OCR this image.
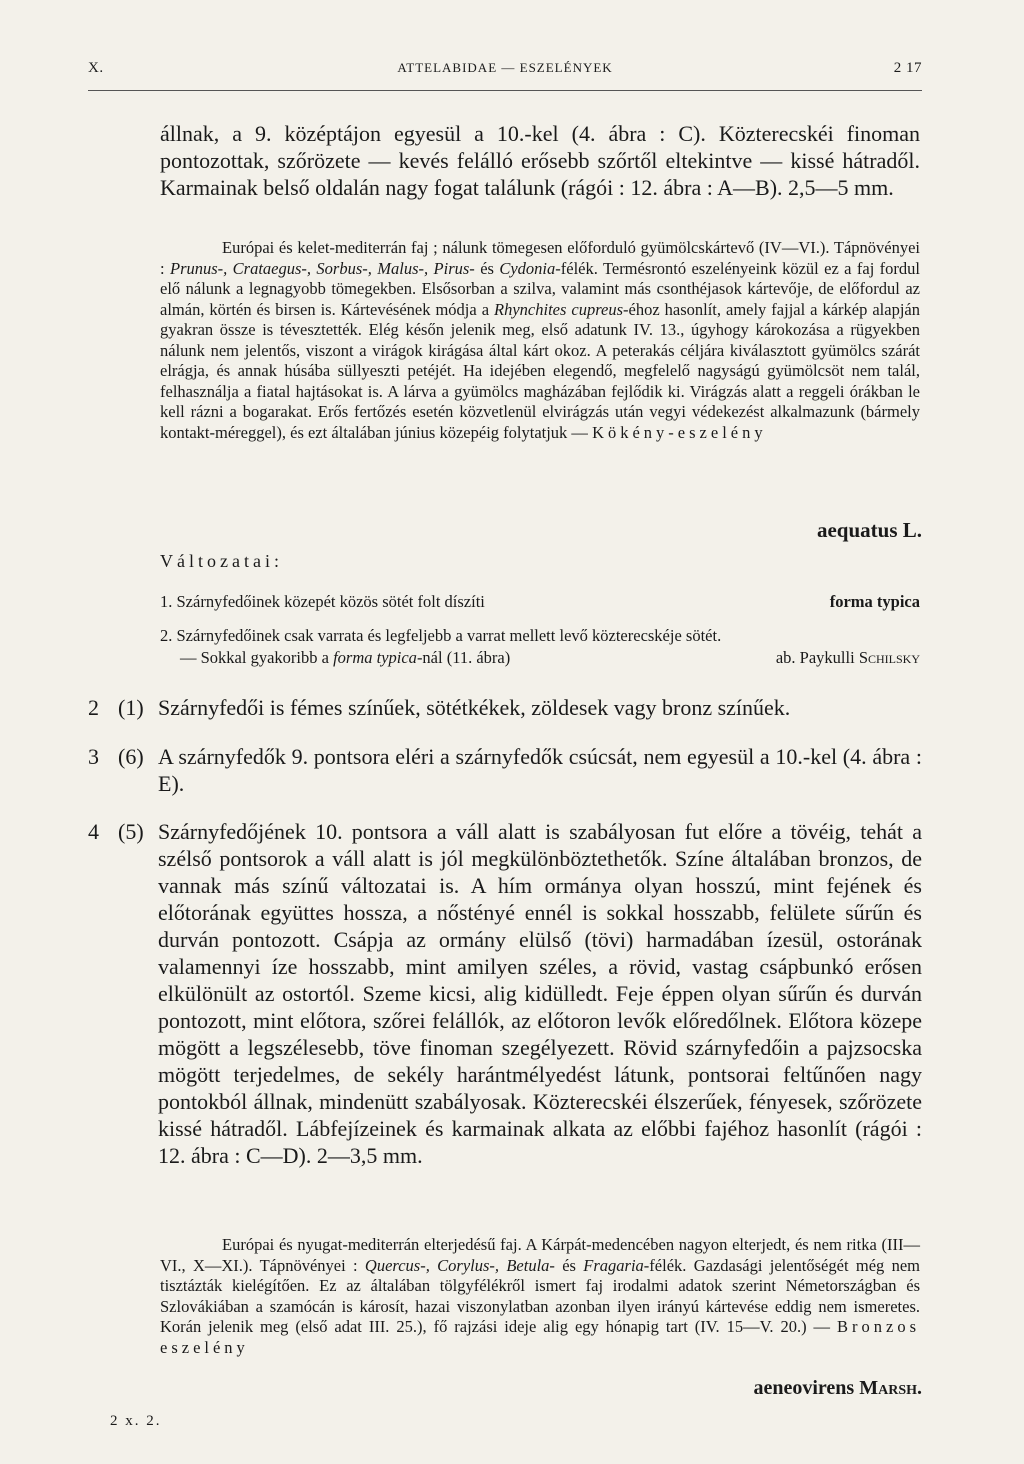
X.	ATTELABIDAE — ESZELÉNYEK	2 17

állnak, a 9. középtájon egyesül a 10.-kel (4. ábra : C). Közterecskéi finoman pontozottak, szőrözete — kevés felálló erősebb szőrtől eltekintve — kissé hátradől. Karmainak belső oldalán nagy fogat találunk (rágói : 12. ábra : A—B). 2,5—5 mm.

Európai és kelet-mediterrán faj ; nálunk tömegesen előforduló gyümölcskártevő (IV—VI.). Tápnövényei : Prunus-, Crataegus-, Sorbus-, Malus-, Pirus- és Cydonia-félék. Termésrontó eszelényeink közül ez a faj fordul elő nálunk a legnagyobb tömegekben. Elsősorban a szilva, valamint más csonthéjasok kártevője, de előfordul az almán, körtén és birsen is. Kártevésének módja a Rhynchites cupreus-éhoz hasonlít, amely fajjal a kárkép alapján gyakran össze is tévesztették. Elég későn jelenik meg, első adatunk IV. 13., úgyhogy károkozása a rügyekben nálunk nem jelentős, viszont a virágok kirágása által kárt okoz. A peterakás céljára kiválasztott gyümölcs szárát elrágja, és annak húsába süllyeszti petéjét. Ha idejében elegendő, megfelelő nagyságú gyümölcsöt nem talál, felhasználja a fiatal hajtásokat is. A lárva a gyümölcs magházában fejlődik ki. Virágzás alatt a reggeli órákban le kell rázni a bogarakat. Erős fertőzés esetén közvetlenül elvirágzás után vegyi védekezést alkalmazunk (bármely kontakt-méreggel), és ezt általában június közepéig folytatjuk — Kökény-eszelény

aequatus L.
Változatai:
1. Szárnyfedőinek közepét közös sötét folt díszíti	forma typica
2. Szárnyfedőinek csak varrata és legfeljebb a varrat mellett levő közterecskéje sötét.
— Sokkal gyakoribb a forma typica-nál (11. ábra)	ab. Paykulli Schilsky
2 (1) Szárnyfedői is fémes színűek, sötétkékek, zöldesek vagy bronz színűek.
3 (6) A szárnyfedők 9. pontsora eléri a szárnyfedők csúcsát, nem egyesül a 10.-kel (4. ábra : E).
4 (5) Szárnyfedőjének 10. pontsora a váll alatt is szabályosan fut előre a tövéig, tehát a szélső pontsorok a váll alatt is jól megkülönböztethetők. Színe általában bronzos, de vannak más színű változatai is. A hím ormánya olyan hosszú, mint fejének és előtorának együttes hossza, a nőstényé ennél is sokkal hosszabb, felülete sűrűn és durván pontozott. Csápja az ormány elülső (tövi) harmadában ízesül, ostorának valamennyi íze hosszabb, mint amilyen széles, a rövid, vastag csápbunkó erősen elkülönült az ostortól. Szeme kicsi, alig kidülledt. Feje éppen olyan sűrűn és durván pontozott, mint előtora, szőrei felállók, az előtoron levők előredőlnek. Előtora közepe mögött a legszélesebb, töve finoman szegélyezett. Rövid szárnyfedőin a pajzsocska mögött terjedelmes, de sekély harántmélyedést látunk, pontsorai feltűnően nagy pontokból állnak, mindenütt szabályosak. Közterecskéi élszerűek, fényesek, szőrözete kissé hátradől. Lábfejízeinek és karmainak alkata az előbbi fajéhoz hasonlít (rágói : 12. ábra : C—D). 2—3,5 mm.

Európai és nyugat-mediterrán elterjedésű faj. A Kárpát-medencében nagyon elterjedt, és nem ritka (III—VI., X—XI.). Tápnövényei : Quercus-, Corylus-, Betula- és Fragaria-félék. Gazdasági jelentőségét még nem tisztázták kielégítően. Ez az általában tölgyfélékről ismert faj irodalmi adatok szerint Németországban és Szlovákiában a szamócán is károsít, hazai viszonylatban azonban ilyen irányú kártevése eddig nem ismeretes. Korán jelenik meg (első adat III. 25.), fő rajzási ideje alig egy hónapig tart (IV. 15—V. 20.) — Bronzos eszelény

aeneovirens Marsh.
2 x. 2.
